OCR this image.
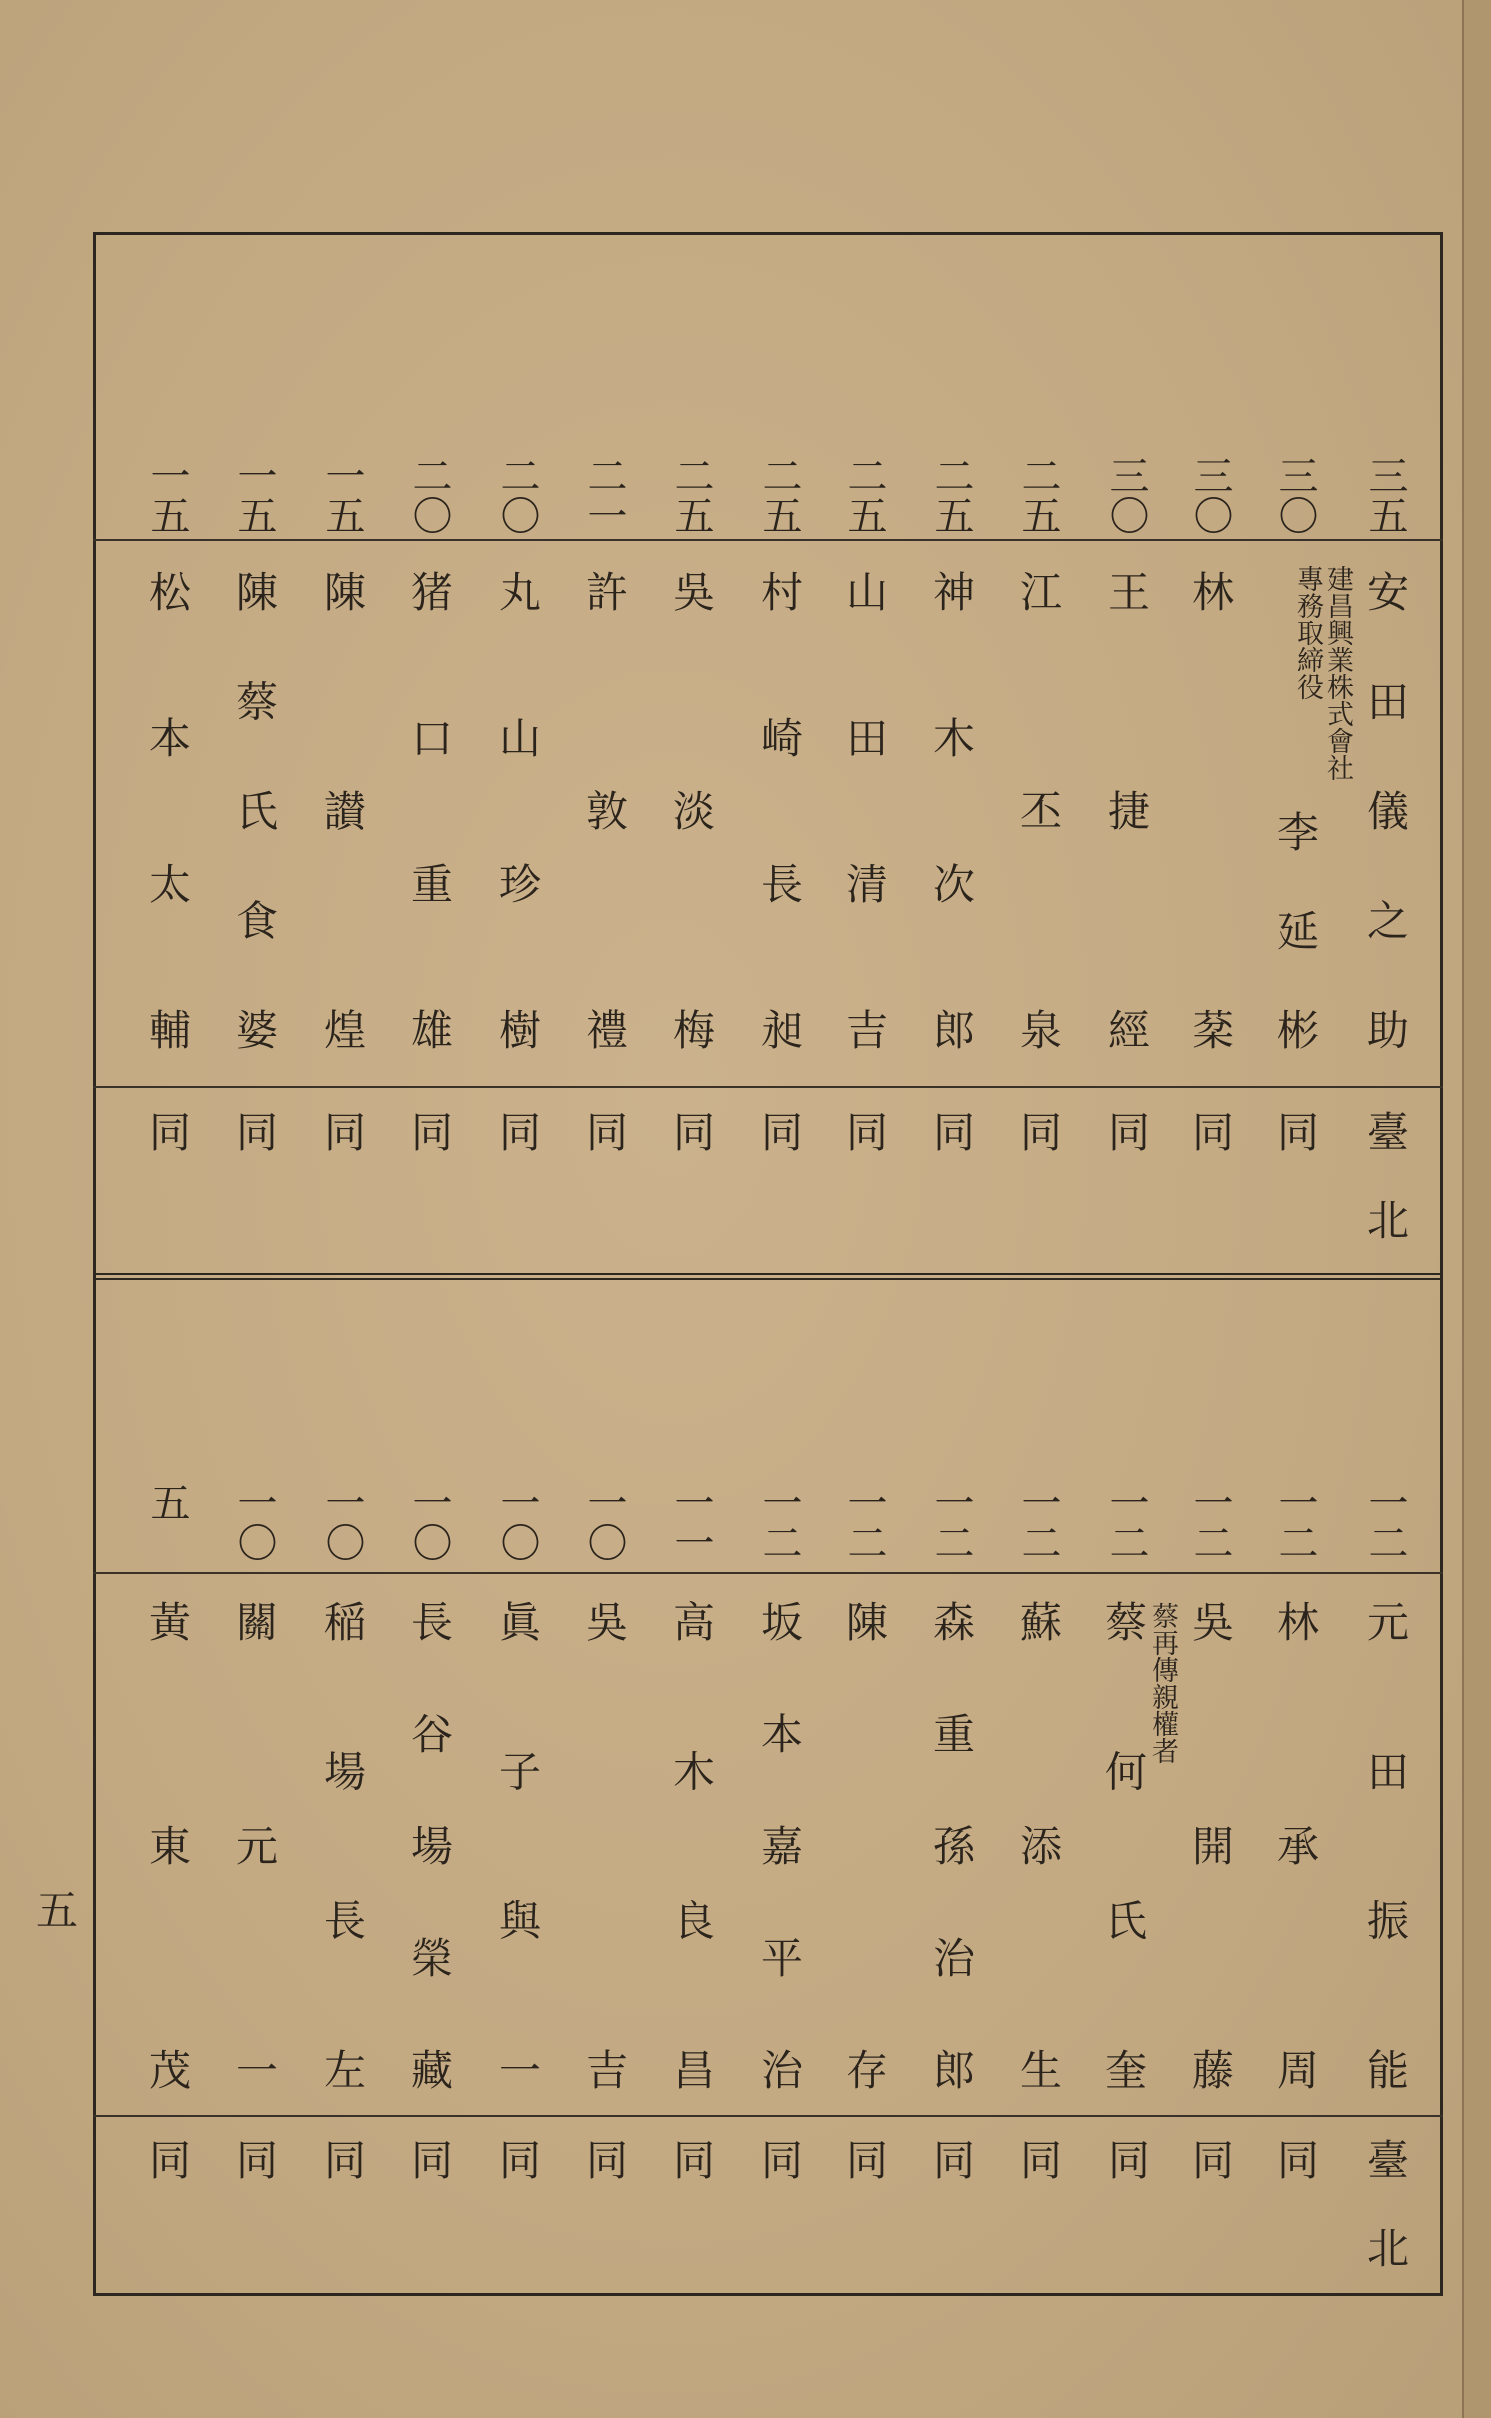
三五
安田儀之助
臺北
三〇
建昌興業株式會社
專務取締役
李延彬
同
三〇
林棻
同
三〇
王捷經
同
二五
江丕泉
同
二五
神木次郎
同
二五
山田清吉
同
二五
村崎長昶
同
二五
吳淡梅
同
二一
許敦禮
同
二〇
丸山珍樹
同
二〇
猪口重雄
同
一五
陳讃煌
同
一五
陳蔡氏食婆
同
一五
松本太輔
同
一二
元田振能
臺北
一二
林承周
同
一二
吳開藤
同
一二
蔡再傳親權者
蔡何氏奎
同
一二
蘇添生
同
一二
森重孫治郎
同
一二
陳存
同
一二
坂本嘉平治
同
一一
高木良昌
同
一〇
吳吉
同
一〇
眞子與一
同
一〇
長谷場榮藏
同
一〇
稲場長左
同
一〇
關元一
同
五
黃東茂
同
五
